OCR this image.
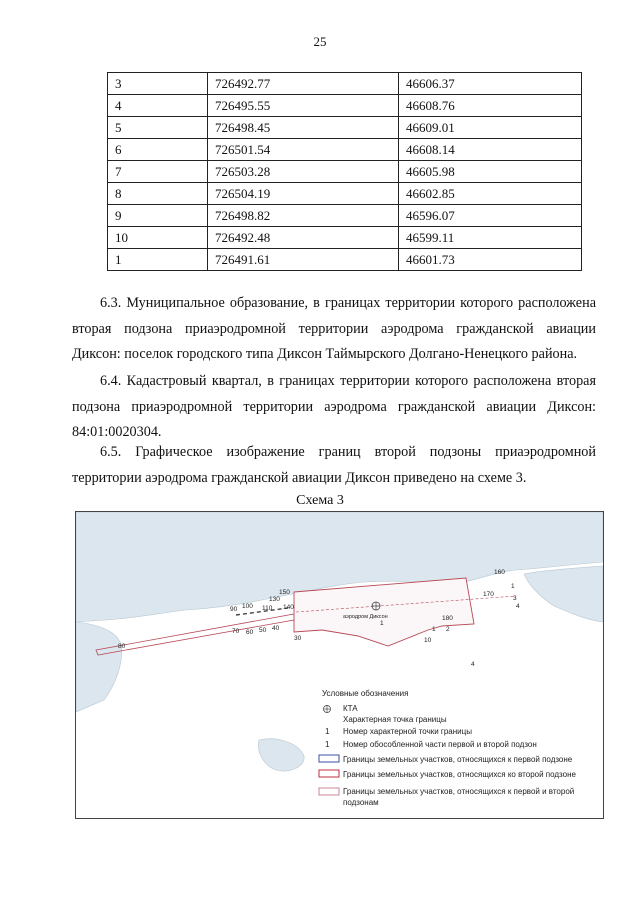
25
3	726492.77	46606.37
4	726495.55	46608.76
5	726498.45	46609.01
6	726501.54	46608.14
7	726503.28	46605.98
8	726504.19	46602.85
9	726498.82	46596.07
10	726492.48	46599.11
1	726491.61	46601.73
6.3. Муниципальное образование, в границах территории которого расположена
вторая подзона приаэродромной территории аэродрома гражданской авиации
Диксон: поселок городского типа Диксон Таймырского Долгано-Ненецкого района.
6.4. Кадастровый квартал, в границах территории которого расположена вторая
подзона приаэродромной территории аэродрома гражданской авиации Диксон:
84:01:0020304.
6.5. Графическое изображение границ второй подзоны приаэродромной
территории аэродрома гражданской авиации Диксон приведено на схеме 3.
Схема 3
80
70 60 50 40
90 100 110
130
140
150
30
160
170
1
3
4
180
10
1 2
4
1
аэродром Диксон
Условные обозначения
КТА
Характерная точка границы
1 Номер характерной точки границы
1 Номер обособленной части первой и второй подзон
Границы земельных участков, относящихся к первой подзоне
Границы земельных участков, относящихся ко второй подзоне
Границы земельных участков, относящихся к первой и второй
подзонам
